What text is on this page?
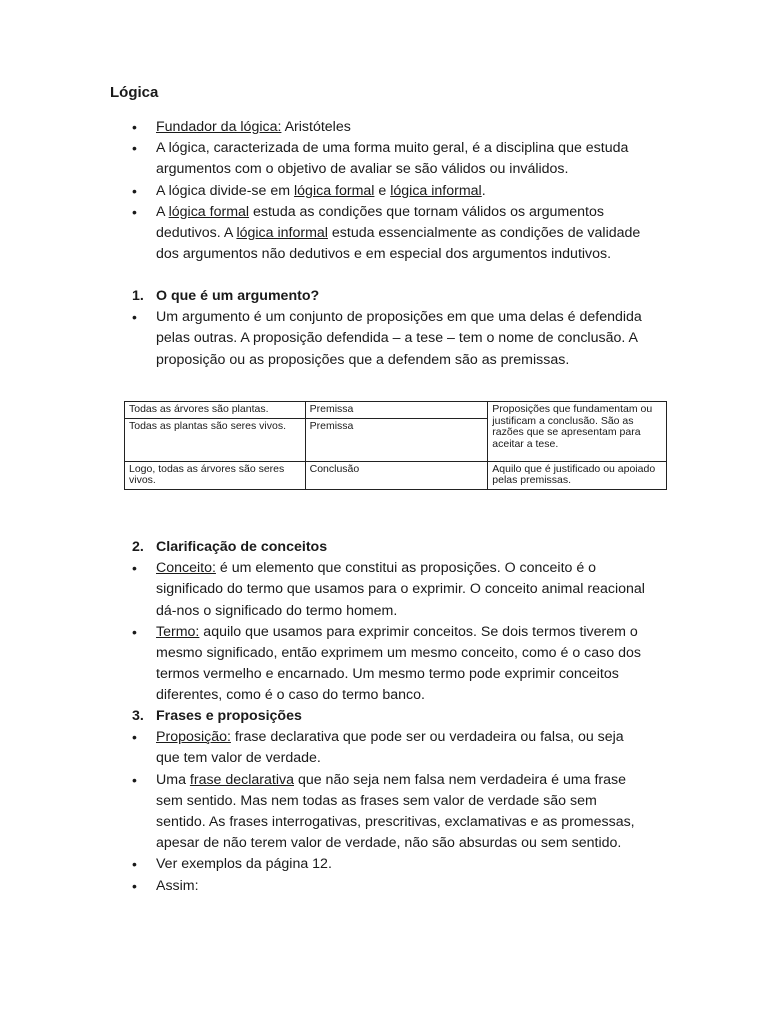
Lógica
• Fundador da lógica: Aristóteles
• A lógica, caracterizada de uma forma muito geral, é a disciplina que estuda argumentos com o objetivo de avaliar se são válidos ou inválidos.
• A lógica divide-se em lógica formal e lógica informal.
• A lógica formal estuda as condições que tornam válidos os argumentos dedutivos. A lógica informal estuda essencialmente as condições de validade dos argumentos não dedutivos e em especial dos argumentos indutivos.
1. O que é um argumento?
• Um argumento é um conjunto de proposições em que uma delas é defendida pelas outras. A proposição defendida – a tese – tem o nome de conclusão. A proposição ou as proposições que a defendem são as premissas.
Todas as árvores são plantas.	Premissa	Proposições que fundamentam ou justificam a conclusão. São as razões que se apresentam para aceitar a tese.
Todas as plantas são seres vivos.	Premissa	
Logo, todas as árvores são seres vivos.	Conclusão	Aquilo que é justificado ou apoiado pelas premissas.
2. Clarificação de conceitos
• Conceito: é um elemento que constitui as proposições. O conceito é o significado do termo que usamos para o exprimir. O conceito animal reacional dá-nos o significado do termo homem.
• Termo: aquilo que usamos para exprimir conceitos. Se dois termos tiverem o mesmo significado, então exprimem um mesmo conceito, como é o caso dos termos vermelho e encarnado. Um mesmo termo pode exprimir conceitos diferentes, como é o caso do termo banco.
3. Frases e proposições
• Proposição: frase declarativa que pode ser ou verdadeira ou falsa, ou seja que tem valor de verdade.
• Uma frase declarativa que não seja nem falsa nem verdadeira é uma frase sem sentido. Mas nem todas as frases sem valor de verdade são sem sentido. As frases interrogativas, prescritivas, exclamativas e as promessas, apesar de não terem valor de verdade, não são absurdas ou sem sentido.
• Ver exemplos da página 12.
• Assim:
